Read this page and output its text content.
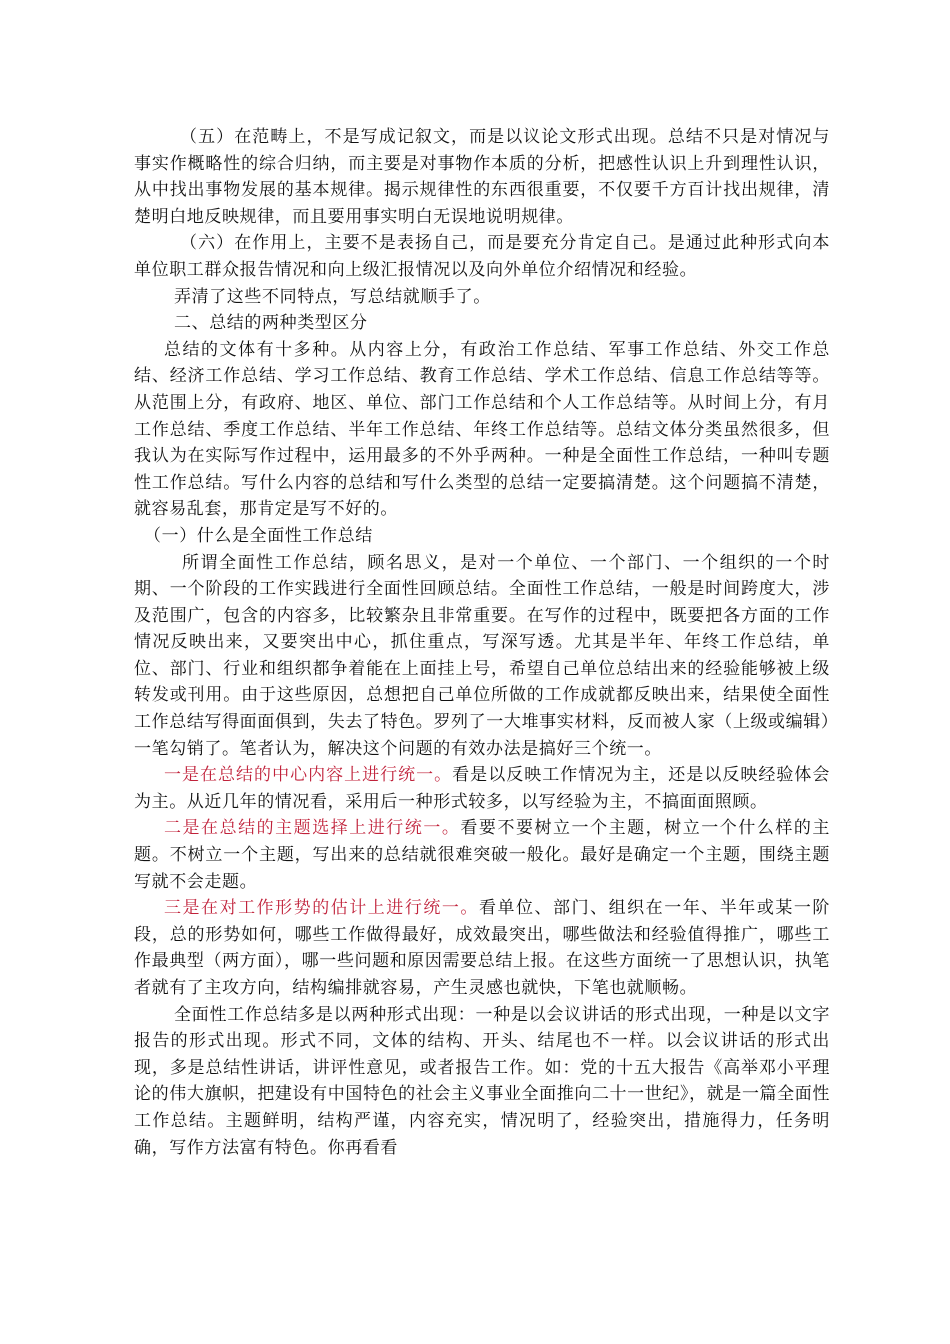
（五）在范畴上，不是写成记叙文，而是以议论文形式出现。总结不只是对情况与事实作概略性的综合归纳，而主要是对事物作本质的分析，把感性认识上升到理性认识，从中找出事物发展的基本规律。揭示规律性的东西很重要，不仅要千方百计找出规律，清楚明白地反映规律，而且要用事实明白无误地说明规律。

（六）在作用上，主要不是表扬自己，而是要充分肯定自己。是通过此种形式向本单位职工群众报告情况和向上级汇报情况以及向外单位介绍情况和经验。

弄清了这些不同特点，写总结就顺手了。

二、总结的两种类型区分

总结的文体有十多种。从内容上分，有政治工作总结、军事工作总结、外交工作总结、经济工作总结、学习工作总结、教育工作总结、学术工作总结、信息工作总结等等。从范围上分，有政府、地区、单位、部门工作总结和个人工作总结等。从时间上分，有月工作总结、季度工作总结、半年工作总结、年终工作总结等。总结文体分类虽然很多，但我认为在实际写作过程中，运用最多的不外乎两种。一种是全面性工作总结，一种叫专题性工作总结。写什么内容的总结和写什么类型的总结一定要搞清楚。这个问题搞不清楚，就容易乱套，那肯定是写不好的。

（一）什么是全面性工作总结

所谓全面性工作总结，顾名思义，是对一个单位、一个部门、一个组织的一个时期、一个阶段的工作实践进行全面性回顾总结。全面性工作总结，一般是时间跨度大，涉及范围广，包含的内容多，比较繁杂且非常重要。在写作的过程中，既要把各方面的工作情况反映出来，又要突出中心，抓住重点，写深写透。尤其是半年、年终工作总结，单位、部门、行业和组织都争着能在上面挂上号，希望自己单位总结出来的经验能够被上级转发或刊用。由于这些原因，总想把自己单位所做的工作成就都反映出来，结果使全面性工作总结写得面面俱到，失去了特色。罗列了一大堆事实材料，反而被人家（上级或编辑）一笔勾销了。笔者认为，解决这个问题的有效办法是搞好三个统一。

一是在总结的中心内容上进行统一。看是以反映工作情况为主，还是以反映经验体会为主。从近几年的情况看，采用后一种形式较多，以写经验为主，不搞面面照顾。

二是在总结的主题选择上进行统一。看要不要树立一个主题，树立一个什么样的主题。不树立一个主题，写出来的总结就很难突破一般化。最好是确定一个主题，围绕主题写就不会走题。

三是在对工作形势的估计上进行统一。看单位、部门、组织在一年、半年或某一阶段，总的形势如何，哪些工作做得最好，成效最突出，哪些做法和经验值得推广，哪些工作最典型（两方面），哪一些问题和原因需要总结上报。在这些方面统一了思想认识，执笔者就有了主攻方向，结构编排就容易，产生灵感也就快，下笔也就顺畅。

全面性工作总结多是以两种形式出现：一种是以会议讲话的形式出现，一种是以文字报告的形式出现。形式不同，文体的结构、开头、结尾也不一样。以会议讲话的形式出现，多是总结性讲话，讲评性意见，或者报告工作。如：党的十五大报告《高举邓小平理论的伟大旗帜，把建设有中国特色的社会主义事业全面推向二十一世纪》，就是一篇全面性工作总结。主题鲜明，结构严谨，内容充实，情况明了，经验突出，措施得力，任务明确，写作方法富有特色。你再看看
